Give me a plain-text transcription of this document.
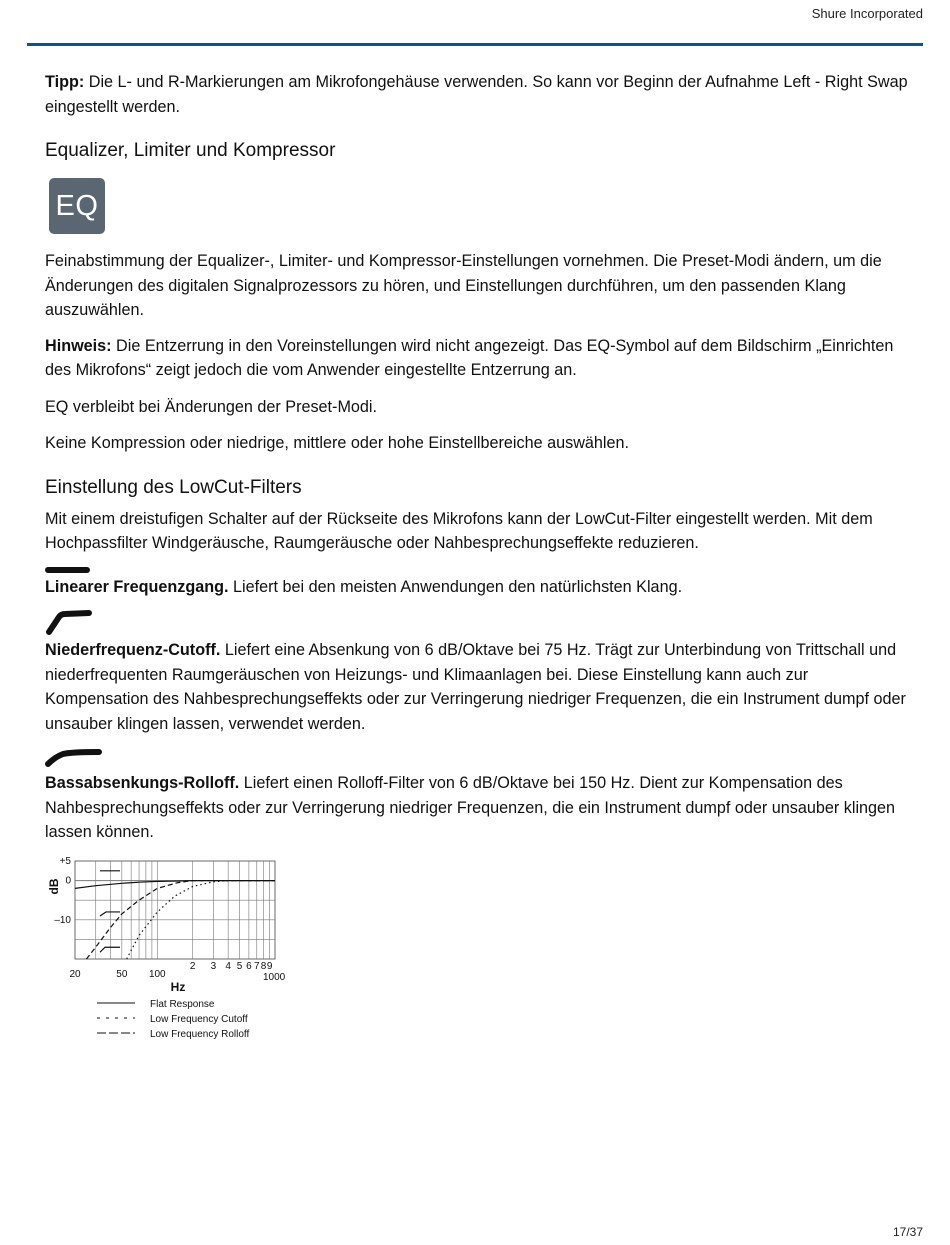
Shure Incorporated

Tipp: Die L- und R-Markierungen am Mikrofongehäuse verwenden. So kann vor Beginn der Aufnahme Left - Right Swap eingestellt werden.

Equalizer, Limiter und Kompressor
EQ

Feinabstimmung der Equalizer-, Limiter- und Kompressor-Einstellungen vornehmen. Die Preset-Modi ändern, um die Änderungen des digitalen Signalprozessors zu hören, und Einstellungen durchführen, um den passenden Klang auszuwählen.

Hinweis: Die Entzerrung in den Voreinstellungen wird nicht angezeigt. Das EQ-Symbol auf dem Bildschirm „Einrichten des Mikrofons“ zeigt jedoch die vom Anwender eingestellte Entzerrung an.

EQ verbleibt bei Änderungen der Preset-Modi.

Keine Kompression oder niedrige, mittlere oder hohe Einstellbereiche auswählen.

Einstellung des LowCut-Filters

Mit einem dreistufigen Schalter auf der Rückseite des Mikrofons kann der LowCut-Filter eingestellt werden. Mit dem Hochpassfilter Windgeräusche, Raumgeräusche oder Nahbesprechungseffekte reduzieren.

Linearer Frequenzgang. Liefert bei den meisten Anwendungen den natürlichsten Klang.

Niederfrequenz-Cutoff. Liefert eine Absenkung von 6 dB/Oktave bei 75 Hz. Trägt zur Unterbindung von Trittschall und niederfrequenten Raumgeräuschen von Heizungs- und Klimaanlagen bei. Diese Einstellung kann auch zur Kompensation des Nahbesprechungseffekts oder zur Verringerung niedriger Frequenzen, die ein Instrument dumpf oder unsauber klingen lassen, verwendet werden.

Bassabsenkungs-Rolloff. Liefert einen Rolloff-Filter von 6 dB/Oktave bei 150 Hz. Dient zur Kompensation des Nahbesprechungseffekts oder zur Verringerung niedriger Frequenzen, die ein Instrument dumpf oder unsauber klingen lassen können.

+5
0
–10
20	50 100
2 3 4 5 6 7 8 9
1000
Hz
dB
Flat Response
Low Frequency Cutoff
Low Frequency Rolloff
17/37
